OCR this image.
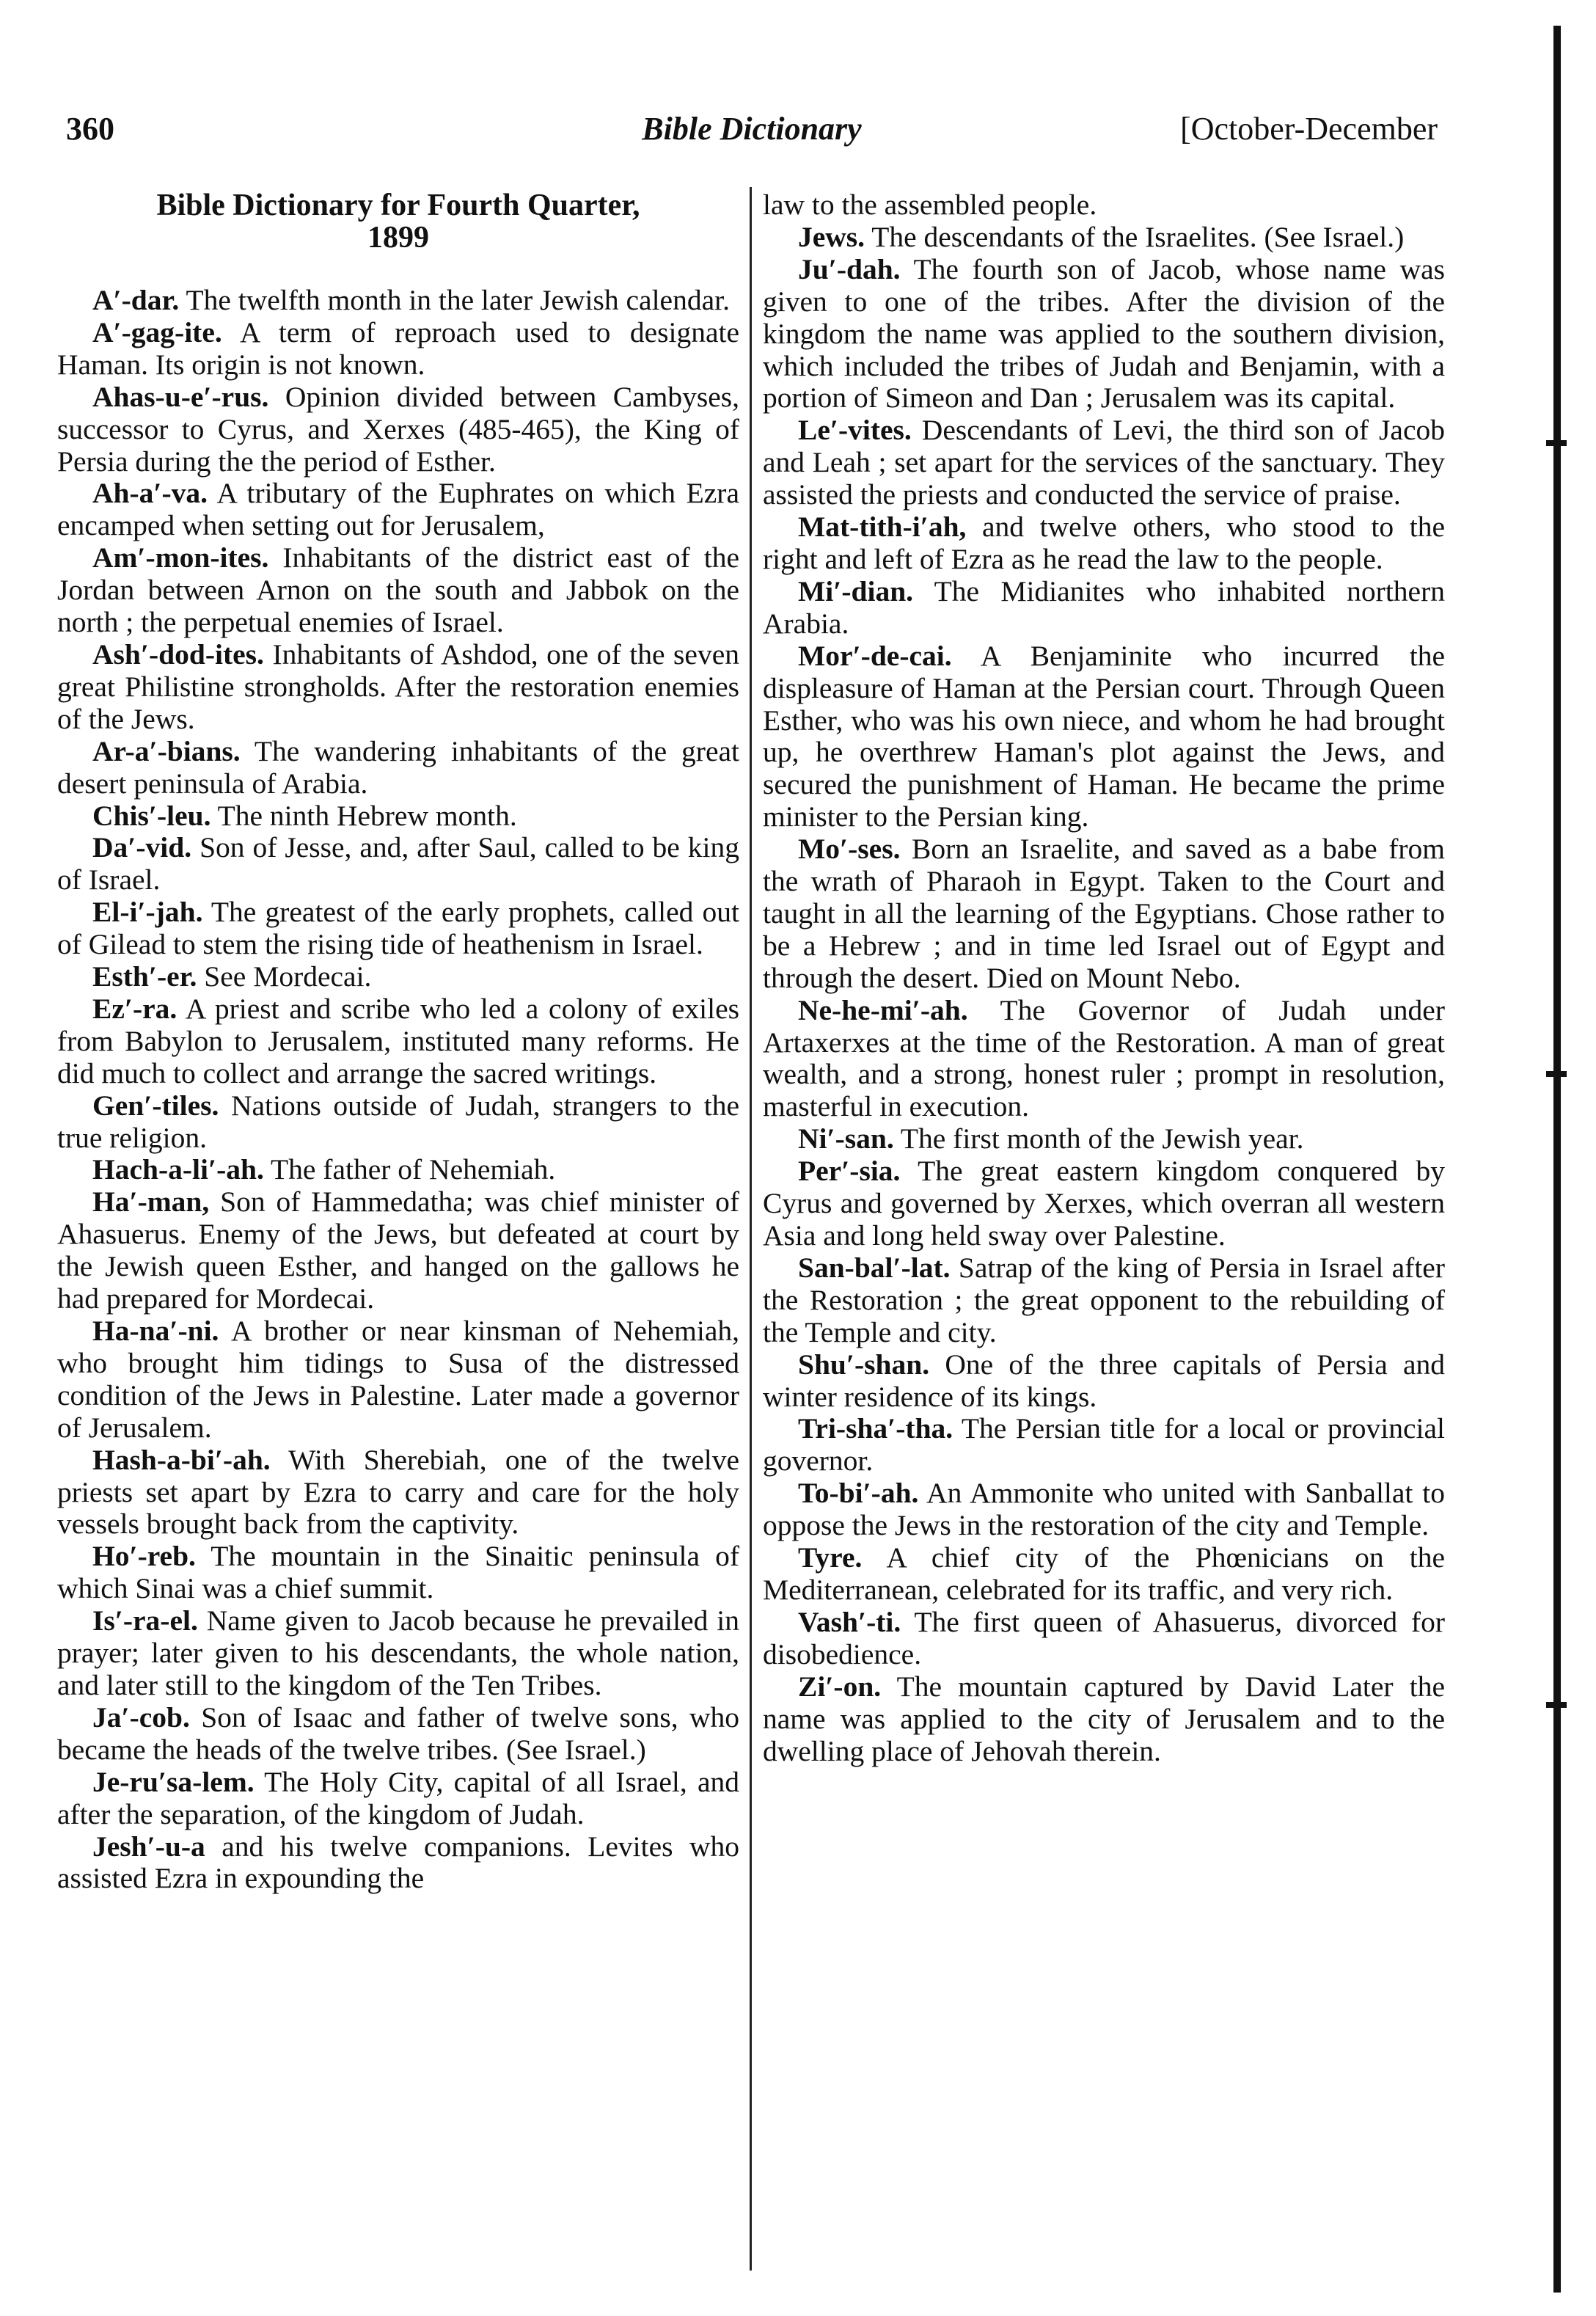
360	Bible Dictionary	[October-December
Bible Dictionary for Fourth Quarter,
1899

A′-dar. The twelfth month in the later Jewish calendar.

A′-gag-ite. A term of reproach used to designate Haman. Its origin is not known.

Ahas-u-e′-rus. Opinion divided between Cambyses, successor to Cyrus, and Xerxes (485-465), the King of Persia during the the period of Esther.

Ah-a′-va. A tributary of the Euphrates on which Ezra encamped when setting out for Jerusalem,

Am′-mon-ites. Inhabitants of the district east of the Jordan between Arnon on the south and Jabbok on the north ; the perpetual enemies of Israel.

Ash′-dod-ites. Inhabitants of Ashdod, one of the seven great Philistine strongholds. After the restoration enemies of the Jews.

Ar-a′-bians. The wandering inhabitants of the great desert peninsula of Arabia.

Chis′-leu. The ninth Hebrew month.

Da′-vid. Son of Jesse, and, after Saul, called to be king of Israel.

El-i′-jah. The greatest of the early prophets, called out of Gilead to stem the rising tide of heathenism in Israel.

Esth′-er. See Mordecai.

Ez′-ra. A priest and scribe who led a colony of exiles from Babylon to Jerusalem, instituted many reforms. He did much to collect and arrange the sacred writings.

Gen′-tiles. Nations outside of Judah, strangers to the true religion.

Hach-a-li′-ah. The father of Nehemiah.

Ha′-man, Son of Hammedatha; was chief minister of Ahasuerus. Enemy of the Jews, but defeated at court by the Jewish queen Esther, and hanged on the gallows he had prepared for Mordecai.

Ha-na′-ni. A brother or near kinsman of Nehemiah, who brought him tidings to Susa of the distressed condition of the Jews in Palestine. Later made a governor of Jerusalem.

Hash-a-bi′-ah. With Sherebiah, one of the twelve priests set apart by Ezra to carry and care for the holy vessels brought back from the captivity.

Ho′-reb. The mountain in the Sinaitic peninsula of which Sinai was a chief summit.

Is′-ra-el. Name given to Jacob because he prevailed in prayer; later given to his descendants, the whole nation, and later still to the kingdom of the Ten Tribes.

Ja′-cob. Son of Isaac and father of twelve sons, who became the heads of the twelve tribes. (See Israel.)

Je-ru′sa-lem. The Holy City, capital of all Israel, and after the separation, of the kingdom of Judah.

Jesh′-u-a and his twelve companions. Levites who assisted Ezra in expounding the

law to the assembled people.

Jews. The descendants of the Israelites. (See Israel.)

Ju′-dah. The fourth son of Jacob, whose name was given to one of the tribes. After the division of the kingdom the name was applied to the southern division, which included the tribes of Judah and Benjamin, with a portion of Simeon and Dan ; Jerusalem was its capital.

Le′-vites. Descendants of Levi, the third son of Jacob and Leah ; set apart for the services of the sanctuary. They assisted the priests and conducted the service of praise.

Mat-tith-i′ah, and twelve others, who stood to the right and left of Ezra as he read the law to the people.

Mi′-dian. The Midianites who inhabited northern Arabia.

Mor′-de-cai. A Benjaminite who incurred the displeasure of Haman at the Persian court. Through Queen Esther, who was his own niece, and whom he had brought up, he overthrew Haman's plot against the Jews, and secured the punishment of Haman. He became the prime minister to the Persian king.

Mo′-ses. Born an Israelite, and saved as a babe from the wrath of Pharaoh in Egypt. Taken to the Court and taught in all the learning of the Egyptians. Chose rather to be a Hebrew ; and in time led Israel out of Egypt and through the desert. Died on Mount Nebo.

Ne-he-mi′-ah. The Governor of Judah under Artaxerxes at the time of the Restoration. A man of great wealth, and a strong, honest ruler ; prompt in resolution, masterful in execution.

Ni′-san. The first month of the Jewish year.

Per′-sia. The great eastern kingdom conquered by Cyrus and governed by Xerxes, which overran all western Asia and long held sway over Palestine.

San-bal′-lat. Satrap of the king of Persia in Israel after the Restoration ; the great opponent to the rebuilding of the Temple and city.

Shu′-shan. One of the three capitals of Persia and winter residence of its kings.

Tri-sha′-tha. The Persian title for a local or provincial governor.

To-bi′-ah. An Ammonite who united with Sanballat to oppose the Jews in the restoration of the city and Temple.

Tyre. A chief city of the Phœnicians on the Mediterranean, celebrated for its traffic, and very rich.

Vash′-ti. The first queen of Ahasuerus, divorced for disobedience.

Zi′-on. The mountain captured by David Later the name was applied to the city of Jerusalem and to the dwelling place of Jehovah therein.
